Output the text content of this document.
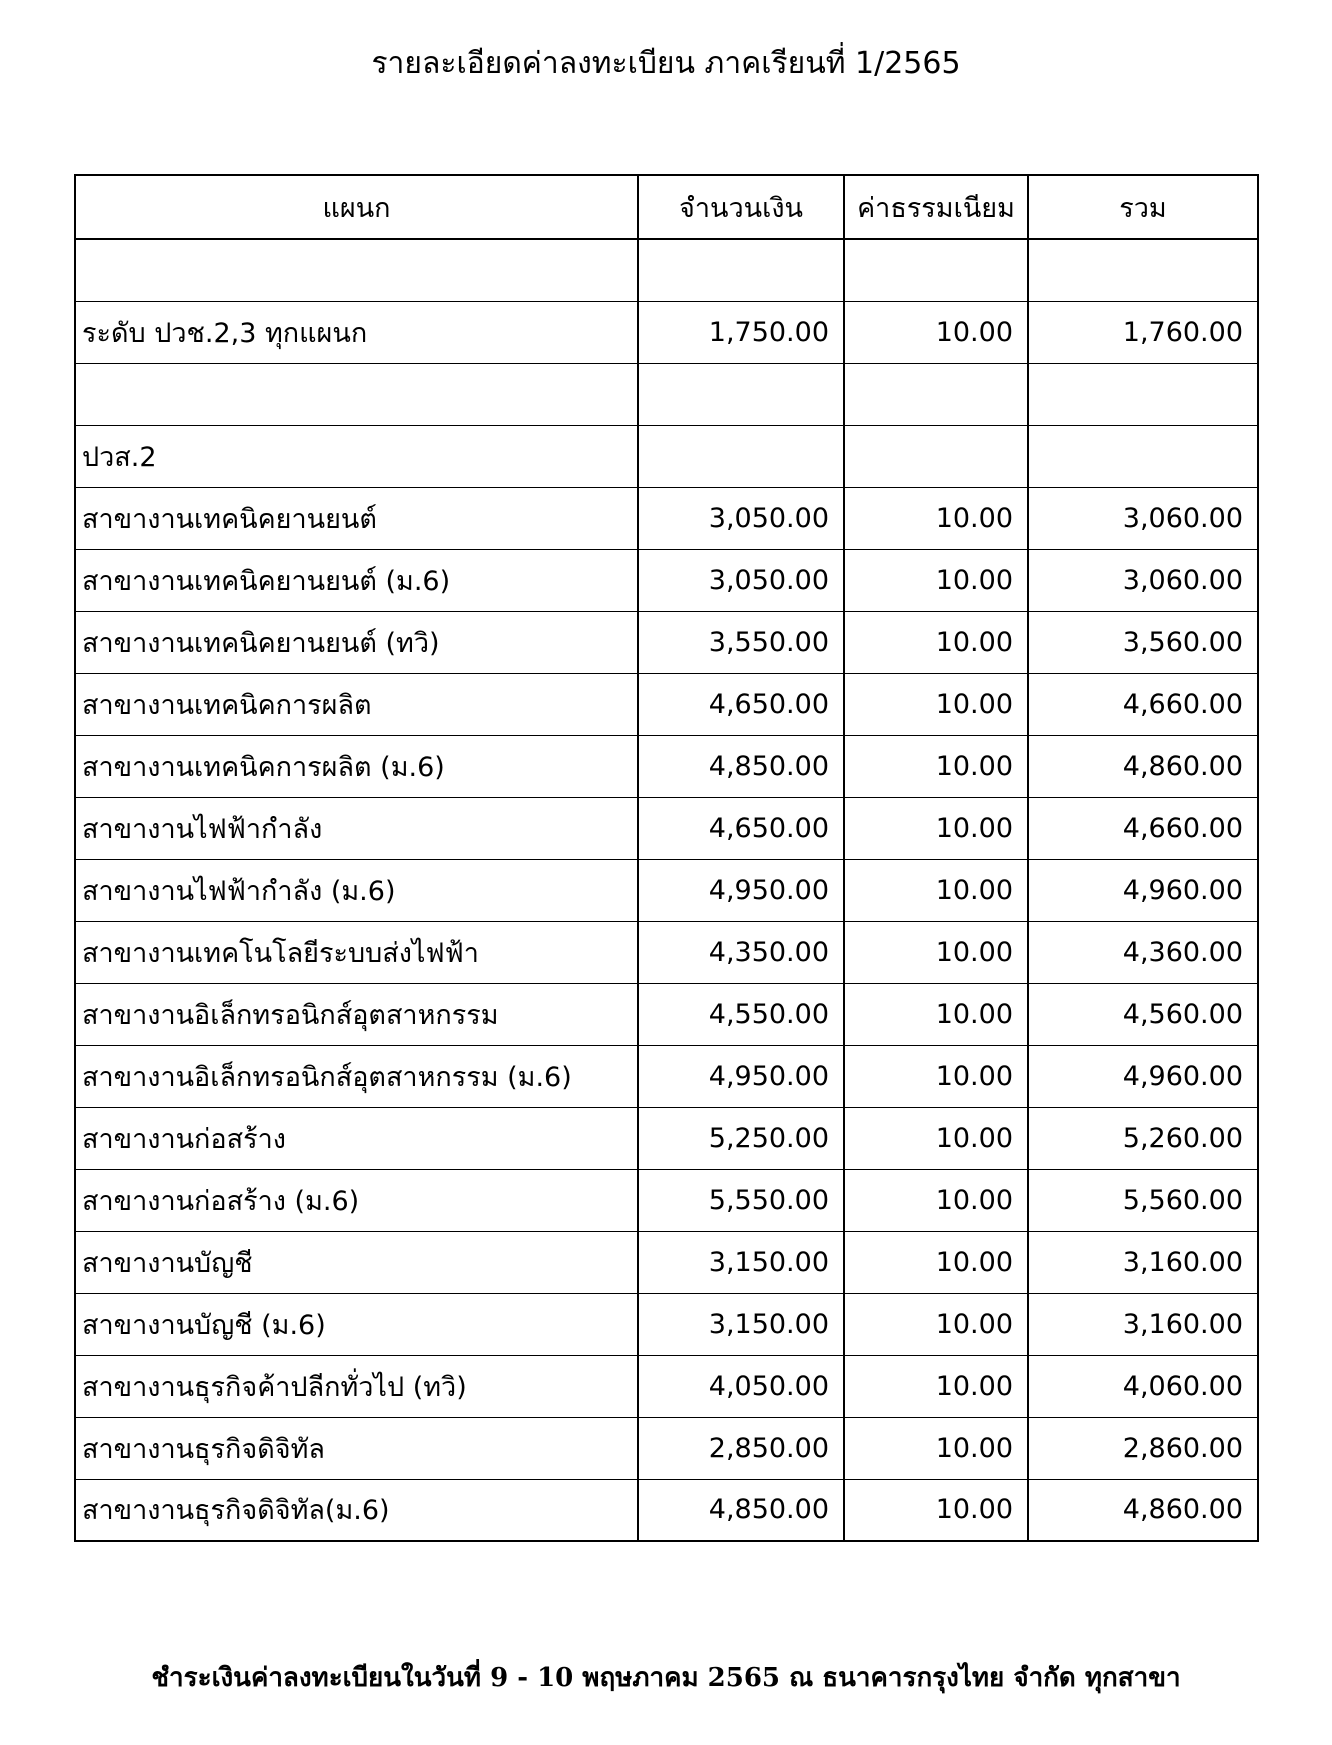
รายละเอียดค่าลงทะเบียน ภาคเรียนที่ 1/2565
แผนก	จำนวนเงิน	ค่าธรรมเนียม	รวม

ระดับ ปวช.2,3 ทุกแผนก	1,750.00	10.00	1,760.00

ปวส.2			
สาขางานเทคนิคยานยนต์	3,050.00	10.00	3,060.00
สาขางานเทคนิคยานยนต์ (ม.6)	3,050.00	10.00	3,060.00
สาขางานเทคนิคยานยนต์ (ทวิ)	3,550.00	10.00	3,560.00
สาขางานเทคนิคการผลิต	4,650.00	10.00	4,660.00
สาขางานเทคนิคการผลิต (ม.6)	4,850.00	10.00	4,860.00
สาขางานไฟฟ้ากำลัง	4,650.00	10.00	4,660.00
สาขางานไฟฟ้ากำลัง (ม.6)	4,950.00	10.00	4,960.00
สาขางานเทคโนโลยีระบบส่งไฟฟ้า	4,350.00	10.00	4,360.00
สาขางานอิเล็กทรอนิกส์อุตสาหกรรม	4,550.00	10.00	4,560.00
สาขางานอิเล็กทรอนิกส์อุตสาหกรรม (ม.6)	4,950.00	10.00	4,960.00
สาขางานก่อสร้าง	5,250.00	10.00	5,260.00
สาขางานก่อสร้าง (ม.6)	5,550.00	10.00	5,560.00
สาขางานบัญชี	3,150.00	10.00	3,160.00
สาขางานบัญชี (ม.6)	3,150.00	10.00	3,160.00
สาขางานธุรกิจค้าปลีกทั่วไป (ทวิ)	4,050.00	10.00	4,060.00
สาขางานธุรกิจดิจิทัล	2,850.00	10.00	2,860.00
สาขางานธุรกิจดิจิทัล(ม.6)	4,850.00	10.00	4,860.00

ชำระเงินค่าลงทะเบียนในวันที่ 9 - 10 พฤษภาคม 2565 ณ ธนาคารกรุงไทย จำกัด ทุกสาขา
